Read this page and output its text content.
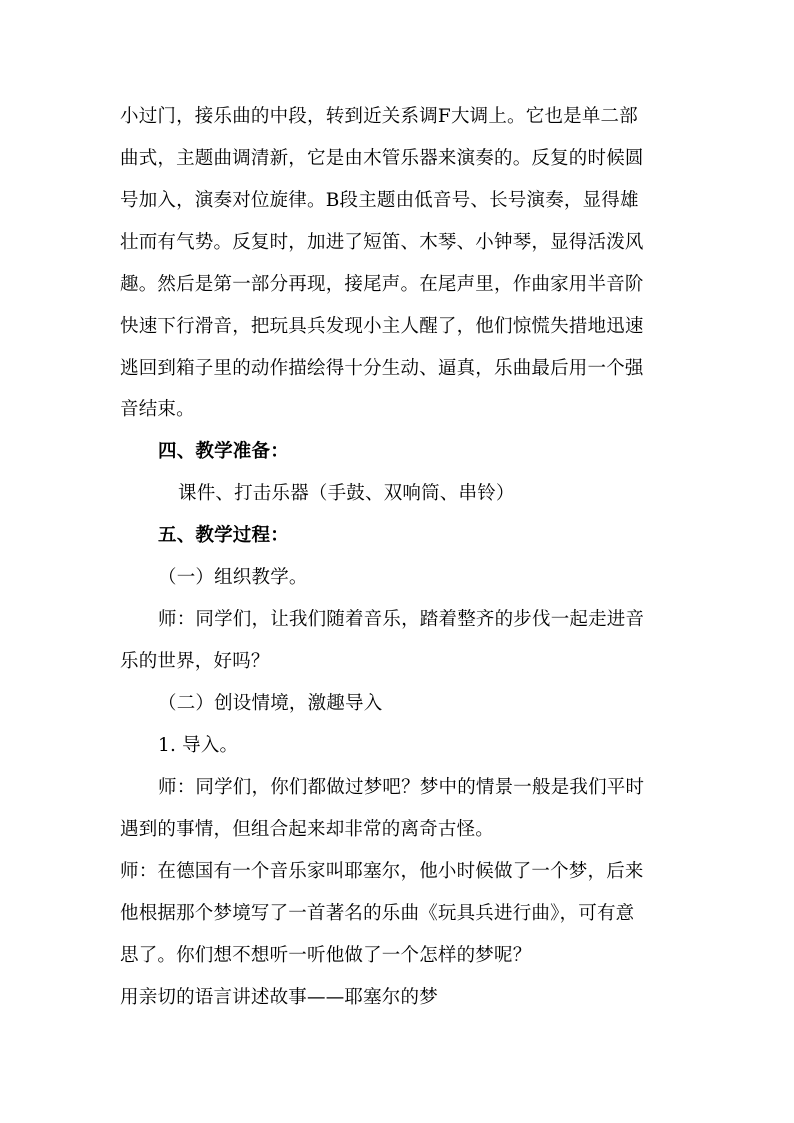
小过门，接乐曲的中段，转到近关系调F大调上。它也是单二部
曲式，主题曲调清新，它是由木管乐器来演奏的。反复的时候圆
号加入，演奏对位旋律。B段主题由低音号、长号演奏，显得雄
壮而有气势。反复时，加进了短笛、木琴、小钟琴，显得活泼风
趣。然后是第一部分再现，接尾声。在尾声里，作曲家用半音阶
快速下行滑音，把玩具兵发现小主人醒了，他们惊慌失措地迅速
逃回到箱子里的动作描绘得十分生动、逼真，乐曲最后用一个强
音结束。
四、教学准备：
课件、打击乐器（手鼓、双响筒、串铃）
五、教学过程：
（一）组织教学。
师：同学们，让我们随着音乐，踏着整齐的步伐一起走进音
乐的世界，好吗？
（二）创设情境，激趣导入
1. 导入。
师：同学们，你们都做过梦吧？梦中的情景一般是我们平时
遇到的事情，但组合起来却非常的离奇古怪。
师：在德国有一个音乐家叫耶塞尔，他小时候做了一个梦，后来
他根据那个梦境写了一首著名的乐曲《玩具兵进行曲》，可有意
思了。你们想不想听一听他做了一个怎样的梦呢？
用亲切的语言讲述故事——耶塞尔的梦
